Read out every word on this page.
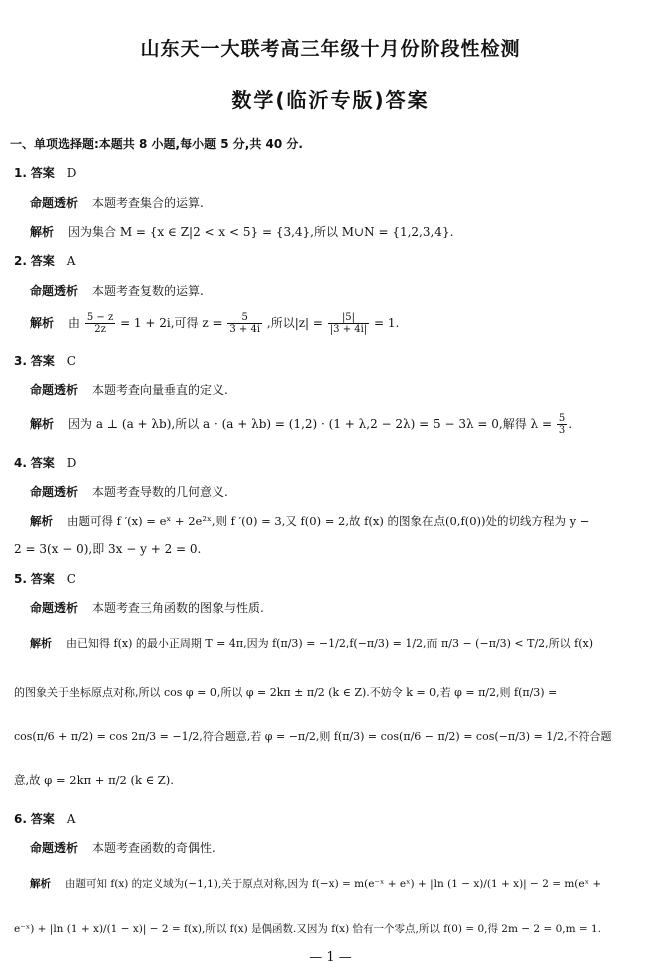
山东天一大联考高三年级十月份阶段性检测
数学(临沂专版)答案
一、单项选择题:本题共 8 小题,每小题 5 分,共 40 分.
1. 答案 D
命题透析 本题考查集合的运算.
解析 因为集合 M = {x ∈ Z|2 < x < 5} = {3,4},所以 M∪N = {1,2,3,4}.
2. 答案 A
命题透析 本题考查复数的运算.
解析 由 $\frac{5 - z}{2z} = 1 + 2i$,可得 $z = \frac{5}{3 + 4i}$ ,所以$|z| = \frac{|5|}{|3 + 4i|} = 1$.
3. 答案 C
命题透析 本题考查向量垂直的定义.
解析 因为 a ⊥ (a + λb),所以 a · (a + λb) = (1,2) · (1 + λ,2 − 2λ) = 5 − 3λ = 0,解得 $\lambda = \frac{5}{3}$ .
4. 答案 D
命题透析 本题考查导数的几何意义.
解析 由题可得 f ′(x) = eˣ + 2e²ˣ,则 f ′(0) = 3,又 f(0) = 2,故 f(x) 的图象在点(0,f(0))处的切线方程为 y −
2 = 3(x − 0),即 3x − y + 2 = 0.
5. 答案 C
命题透析 本题考查三角函数的图象与性质.
解析 由已知得 f(x) 的最小正周期 T = 4π,因为 f(π/3) = −1/2,f(−π/3) = 1/2,而 π/3 − (−π/3) < T/2,所以 f(x)
的图象关于坐标原点对称,所以 cos φ = 0,所以 φ = 2kπ ± π/2 (k ∈ Z).不妨令 k = 0,若 φ = π/2,则 f(π/3) =
cos(π/6 + π/2) = cos 2π/3 = −1/2,符合题意,若 φ = −π/2,则 f(π/3) = cos(π/6 − π/2) = cos(−π/3) = 1/2,不符合题
意,故 φ = 2kπ + π/2 (k ∈ Z).
6. 答案 A
命题透析 本题考查函数的奇偶性.
解析 由题可知 f(x) 的定义域为(−1,1),关于原点对称,因为 f(−x) = m(e⁻ˣ + eˣ) + |ln (1 − x)/(1 + x)| − 2 = m(eˣ +
e⁻ˣ) + |ln (1 + x)/(1 − x)| − 2 = f(x),所以 f(x) 是偶函数.又因为 f(x) 恰有一个零点,所以 f(0) = 0,得 2m − 2 = 0,m = 1.
— 1 —
